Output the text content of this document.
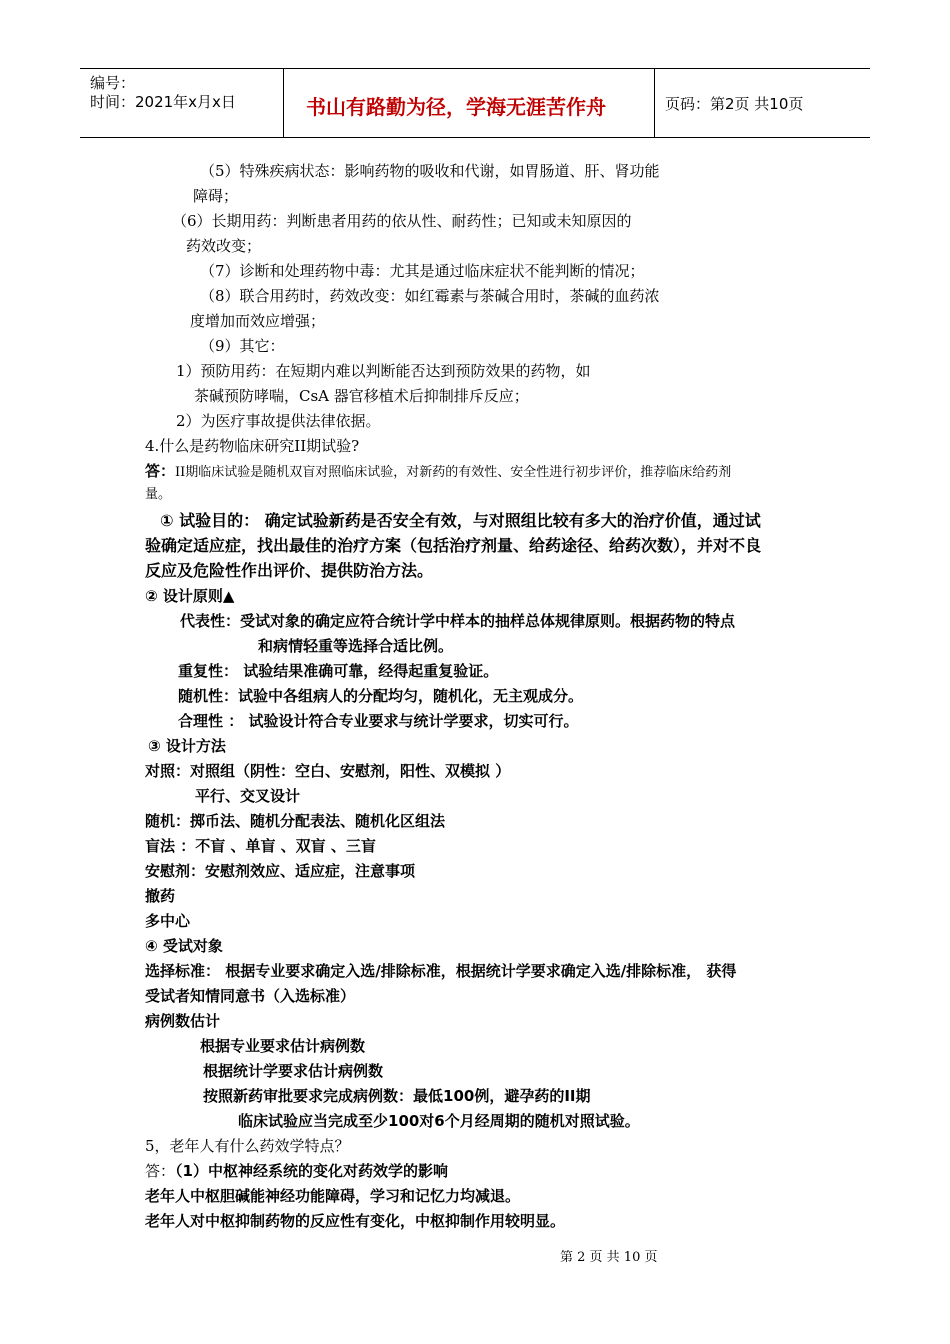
编号：
时间：2021年x月x日	书山有路勤为径，学海无涯苦作舟	页码：第2页 共10页
（5）特殊疾病状态：影响药物的吸收和代谢，如胃肠道、肝、肾功能
障碍；
（6）长期用药：判断患者用药的依从性、耐药性；已知或未知原因的
药效改变；
（7）诊断和处理药物中毒：尤其是通过临床症状不能判断的情况；
（8）联合用药时，药效改变：如红霉素与茶碱合用时，茶碱的血药浓
度增加而效应增强；
（9）其它：
1）预防用药：在短期内难以判断能否达到预防效果的药物，如
茶碱预防哮喘，CsA 器官移植术后抑制排斥反应；
2）为医疗事故提供法律依据。
4.什么是药物临床研究II期试验?
答：II期临床试验是随机双盲对照临床试验，对新药的有效性、安全性进行初步评价，推荐临床给药剂
量。
① 试验目的： 确定试验新药是否安全有效，与对照组比较有多大的治疗价值，通过试
验确定适应症，找出最佳的治疗方案（包括治疗剂量、给药途径、给药次数），并对不良
反应及危险性作出评价、提供防治方法。
② 设计原则▲
代表性：受试对象的确定应符合统计学中样本的抽样总体规律原则。根据药物的特点
和病情轻重等选择合适比例。
重复性： 试验结果准确可靠，经得起重复验证。
随机性：试验中各组病人的分配均匀，随机化，无主观成分。
合理性 ： 试验设计符合专业要求与统计学要求，切实可行。
③ 设计方法
对照：对照组（阴性：空白、安慰剂，阳性、双模拟 ）
平行、交叉设计
随机：掷币法、随机分配表法、随机化区组法
盲法 ：不盲 、单盲 、双盲 、三盲
安慰剂：安慰剂效应、适应症，注意事项
撤药
多中心
④ 受试对象
选择标准： 根据专业要求确定入选/排除标准，根据统计学要求确定入选/排除标准， 获得
受试者知情同意书（入选标准）
病例数估计
根据专业要求估计病例数
根据统计学要求估计病例数
按照新药审批要求完成病例数：最低100例，避孕药的II期
临床试验应当完成至少100对6个月经周期的随机对照试验。
5，老年人有什么药效学特点？
答：（1）中枢神经系统的变化对药效学的影响
老年人中枢胆碱能神经功能障碍，学习和记忆力均减退。
老年人对中枢抑制药物的反应性有变化，中枢抑制作用较明显。
第 2 页 共 10 页
